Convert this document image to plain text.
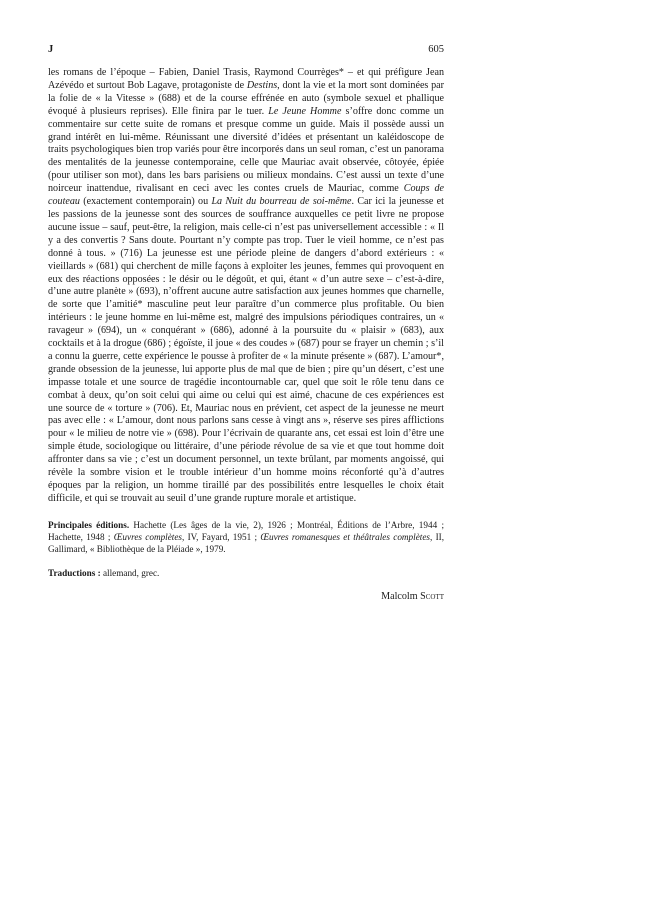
J	605

les romans de l’époque – Fabien, Daniel Trasis, Raymond Courrèges* – et qui préfigure Jean Azévédo et surtout Bob Lagave, protagoniste de Destins, dont la vie et la mort sont dominées par la folie de « la Vitesse » (688) et de la course effrénée en auto (symbole sexuel et phallique évoqué à plusieurs reprises). Elle finira par le tuer. Le Jeune Homme s’offre donc comme un commentaire sur cette suite de romans et presque comme un guide. Mais il possède aussi un grand intérêt en lui-même. Réunissant une diversité d’idées et présentant un kaléidoscope de traits psychologiques bien trop variés pour être incorporés dans un seul roman, c’est un panorama des mentalités de la jeunesse contemporaine, celle que Mauriac avait observée, côtoyée, épiée (pour utiliser son mot), dans les bars parisiens ou milieux mondains. C’est aussi un texte d’une noirceur inattendue, rivalisant en ceci avec les contes cruels de Mauriac, comme Coups de couteau (exactement contemporain) ou La Nuit du bourreau de soi-même. Car ici la jeunesse et les passions de la jeunesse sont des sources de souffrance auxquelles ce petit livre ne propose aucune issue – sauf, peut-être, la religion, mais celle-ci n’est pas universellement accessible : « Il y a des convertis ? Sans doute. Pourtant n’y compte pas trop. Tuer le vieil homme, ce n’est pas donné à tous. » (716) La jeunesse est une période pleine de dangers d’abord extérieurs : « vieillards » (681) qui cherchent de mille façons à exploiter les jeunes, femmes qui provoquent en eux des réactions opposées : le désir ou le dégoût, et qui, étant « d’un autre sexe – c’est-à-dire, d’une autre planète » (693), n’offrent aucune autre satisfaction aux jeunes hommes que charnelle, de sorte que l’amitié* masculine peut leur paraître d’un commerce plus profitable. Ou bien intérieurs : le jeune homme en lui-même est, malgré des impulsions périodiques contraires, un « ravageur » (694), un « conquérant » (686), adonné à la poursuite du « plaisir » (683), aux cocktails et à la drogue (686) ; égoïste, il joue « des coudes » (687) pour se frayer un chemin ; s’il a connu la guerre, cette expérience le pousse à profiter de « la minute présente » (687). L’amour*, grande obsession de la jeunesse, lui apporte plus de mal que de bien ; pire qu’un désert, c’est une impasse totale et une source de tragédie incontournable car, quel que soit le rôle tenu dans ce combat à deux, qu’on soit celui qui aime ou celui qui est aimé, chacune de ces expériences est une source de « torture » (706). Et, Mauriac nous en prévient, cet aspect de la jeunesse ne meurt pas avec elle : « L’amour, dont nous parlons sans cesse à vingt ans », réserve ses pires afflictions pour « le milieu de notre vie » (698). Pour l’écrivain de quarante ans, cet essai est loin d’être une simple étude, sociologique ou littéraire, d’une période révolue de sa vie et que tout homme doit affronter dans sa vie ; c’est un document personnel, un texte brûlant, par moments angoissé, qui révèle la sombre vision et le trouble intérieur d’un homme moins réconforté qu’à d’autres époques par la religion, un homme tiraillé par des possibilités entre lesquelles le choix était difficile, et qui se trouvait au seuil d’une grande rupture morale et artistique.

Principales éditions. Hachette (Les âges de la vie, 2), 1926 ; Montréal, Éditions de l’Arbre, 1944 ; Hachette, 1948 ; Œuvres complètes, IV, Fayard, 1951 ; Œuvres romanesques et théâtrales complètes, II, Gallimard, « Bibliothèque de la Pléiade », 1979.

Traductions : allemand, grec.

Malcolm Scott
